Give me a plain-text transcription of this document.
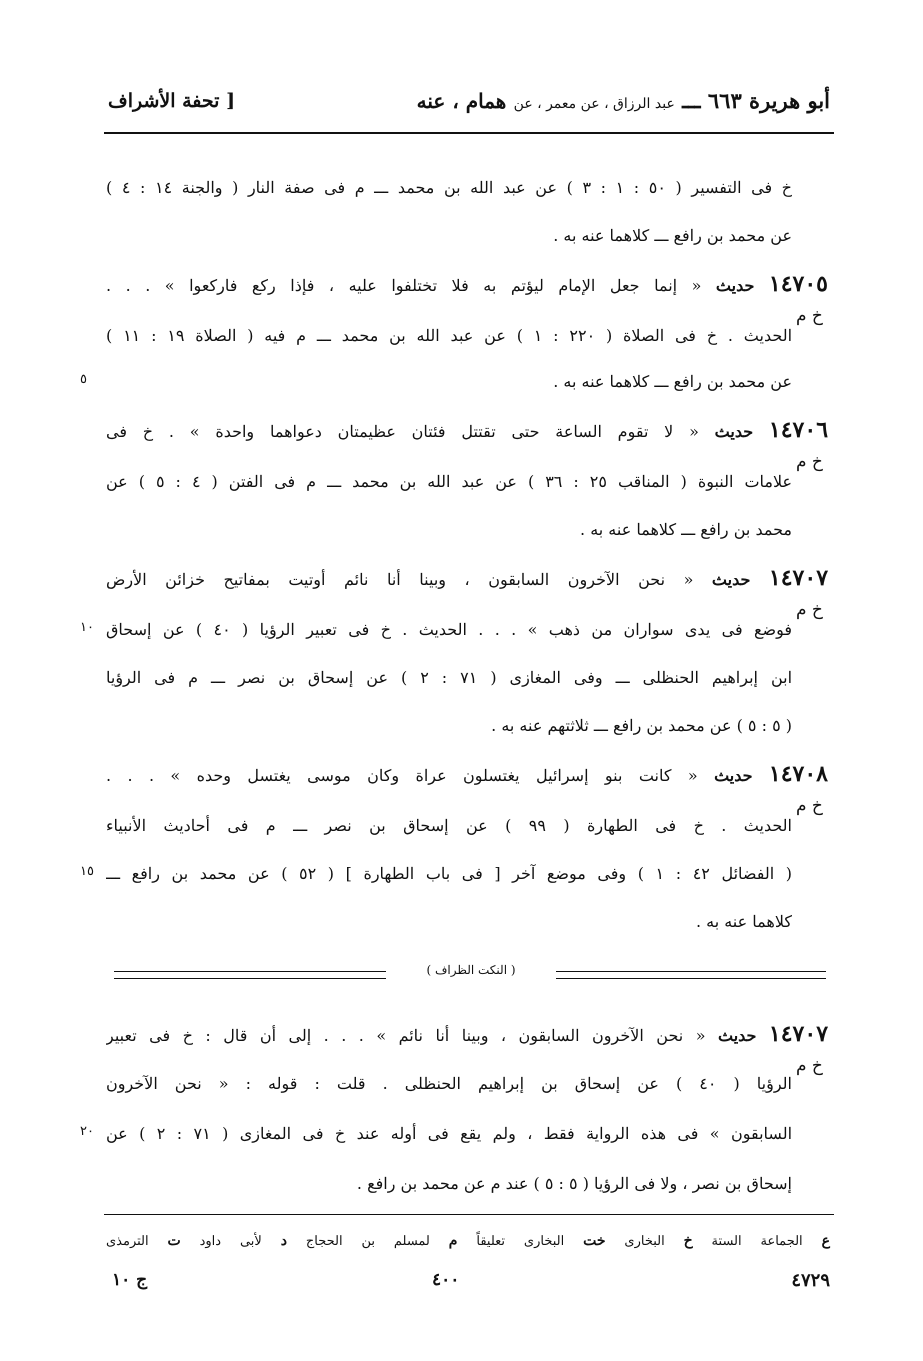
أبو هريرة ٦٦٣ ـــ عبد الرزاق ، عن معمر ، عن همام ، عنه
[ تحفة الأشراف
خ فى التفسير ( ٥٠ : ١ : ٣ ) عن عبد الله بن محمد ـــ م فى صفة النار ( والجنة ١٤ : ٤ )
عن محمد بن رافع ـــ كلاهما عنه به .
١٤٧٠٥ حديث « إنما جعل الإمام ليؤتم به فلا تختلفوا عليه ، فإذا ركع فاركعوا » . . .
خ م
الحديث . خ فى الصلاة ( ٢٢٠ : ١ ) عن عبد الله بن محمد ـــ م فيه ( الصلاة ١٩ : ١١ )
عن محمد بن رافع ـــ كلاهما عنه به .
٥
١٤٧٠٦ حديث « لا تقوم الساعة حتى تقتتل فئتان عظيمتان دعواهما واحدة » . خ فى
خ م
علامات النبوة ( المناقب ٢٥ : ٣٦ ) عن عبد الله بن محمد ـــ م فى الفتن ( ٤ : ٥ ) عن
محمد بن رافع ـــ كلاهما عنه به .
١٤٧٠٧ حديث « نحن الآخرون السابقون ، وبينا أنا نائم أوتيت بمفاتيح خزائن الأرض
خ م
فوضع فى يدى سواران من ذهب » . . . الحديث . خ فى تعبير الرؤيا ( ٤٠ ) عن إسحاق
١٠
ابن إبراهيم الحنظلى ـــ وفى المغازى ( ٧١ : ٢ ) عن إسحاق بن نصر ـــ م فى الرؤيا
( ٥ : ٥ ) عن محمد بن رافع ـــ ثلاثتهم عنه به .
١٤٧٠٨ حديث « كانت بنو إسرائيل يغتسلون عراة وكان موسى يغتسل وحده » . . .
خ م
الحديث . خ فى الطهارة ( ٩٩ ) عن إسحاق بن نصر ـــ م فى أحاديث الأنبياء
( الفضائل ٤٢ : ١ ) وفى موضع آخر [ فى باب الطهارة ] ( ٥٢ ) عن محمد بن رافع ـــ
١٥
كلاهما عنه به .
( النكت الظراف )
١٤٧٠٧ حديث « نحن الآخرون السابقون ، وبينا أنا نائم » . . . إلى أن قال : خ فى تعبير
خ م
الرؤيا ( ٤٠ ) عن إسحاق بن إبراهيم الحنظلى . قلت : قوله : « نحن الآخرون
السابقون » فى هذه الرواية فقط ، ولم يقع فى أوله عند خ فى المغازى ( ٧١ : ٢ ) عن
٢٠
إسحاق بن نصر ، ولا فى الرؤيا ( ٥ : ٥ ) عند م عن محمد بن رافع .
ع الجماعة الستة خ البخارى خت البخارى تعليقاً م لمسلم بن الحجاج د لأبى داود ت الترمذى
٤٧٢٩
٤٠٠
ج ١٠
